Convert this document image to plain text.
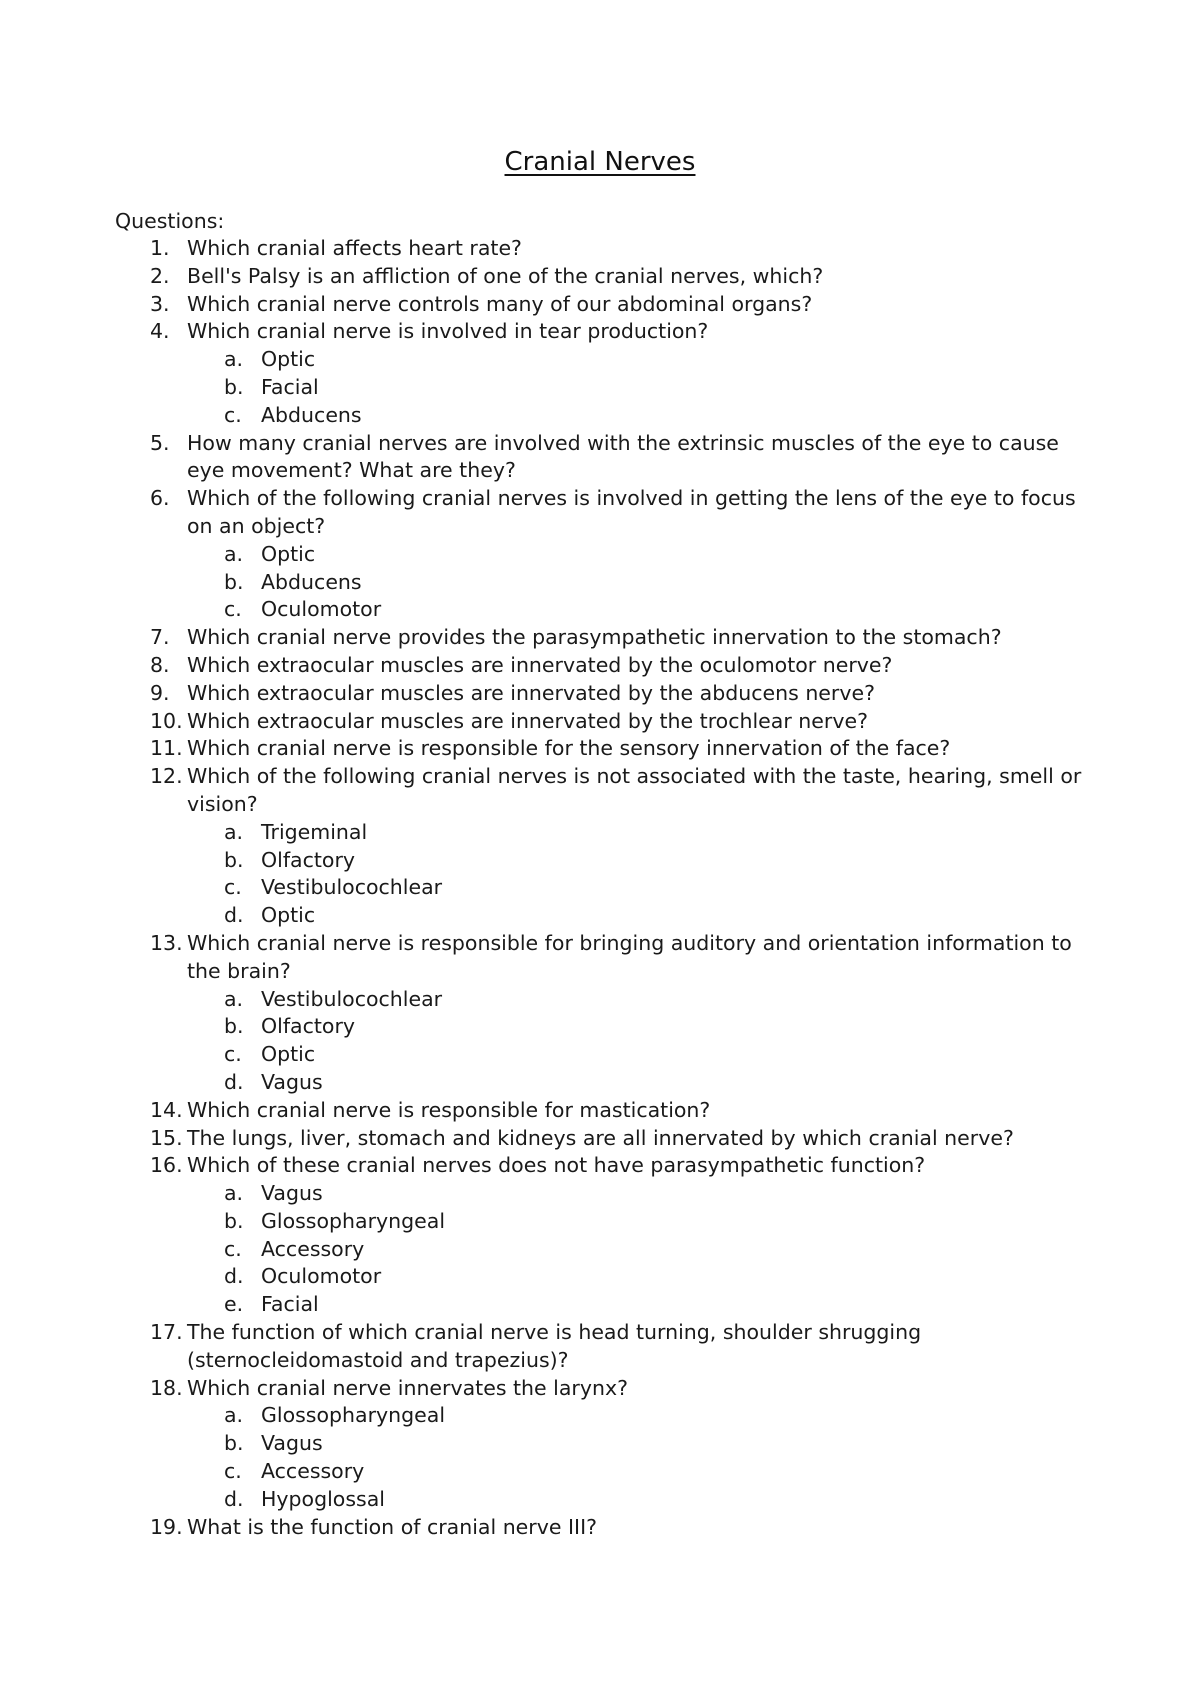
Cranial Nerves
Questions:
1. Which cranial affects heart rate?
2. Bell's Palsy is an affliction of one of the cranial nerves, which?
3. Which cranial nerve controls many of our abdominal organs?
4. Which cranial nerve is involved in tear production?
a. Optic
b. Facial
c. Abducens
5. How many cranial nerves are involved with the extrinsic muscles of the eye to cause eye movement? What are they?
6. Which of the following cranial nerves is involved in getting the lens of the eye to focus on an object?
a. Optic
b. Abducens
c. Oculomotor
7. Which cranial nerve provides the parasympathetic innervation to the stomach?
8. Which extraocular muscles are innervated by the oculomotor nerve?
9. Which extraocular muscles are innervated by the abducens nerve?
10. Which extraocular muscles are innervated by the trochlear nerve?
11. Which cranial nerve is responsible for the sensory innervation of the face?
12. Which of the following cranial nerves is not associated with the taste, hearing, smell or vision?
a. Trigeminal
b. Olfactory
c. Vestibulocochlear
d. Optic
13. Which cranial nerve is responsible for bringing auditory and orientation information to the brain?
a. Vestibulocochlear
b. Olfactory
c. Optic
d. Vagus
14. Which cranial nerve is responsible for mastication?
15. The lungs, liver, stomach and kidneys are all innervated by which cranial nerve?
16. Which of these cranial nerves does not have parasympathetic function?
a. Vagus
b. Glossopharyngeal
c. Accessory
d. Oculomotor
e. Facial
17. The function of which cranial nerve is head turning, shoulder shrugging (sternocleidomastoid and trapezius)?
18. Which cranial nerve innervates the larynx?
a. Glossopharyngeal
b. Vagus
c. Accessory
d. Hypoglossal
19. What is the function of cranial nerve III?
